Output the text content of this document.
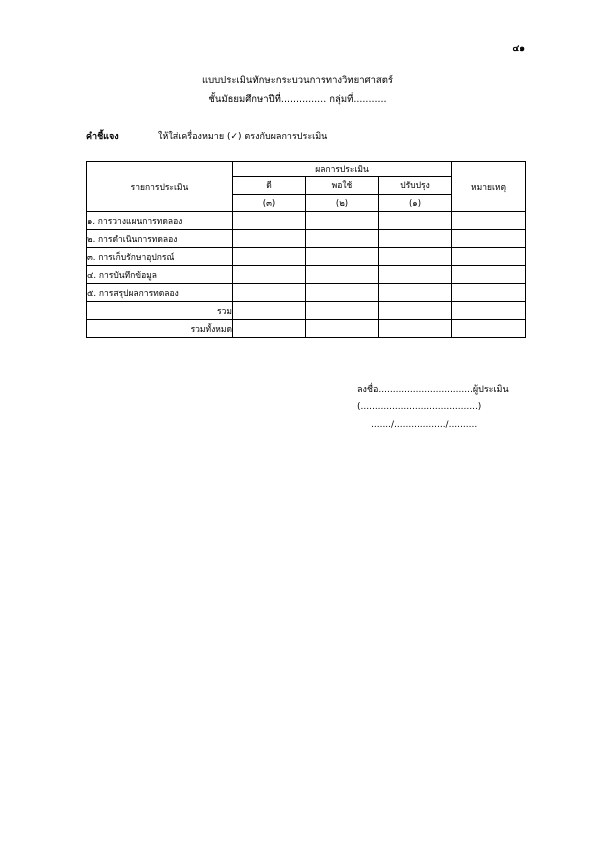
๔๑
แบบประเมินทักษะกระบวนการทางวิทยาศาสตร์
ชั้นมัธยมศึกษาปีที่............... กลุ่มที่...........
คำชี้แจง	ให้ใส่เครื่องหมาย (✓) ตรงกับผลการประเมิน
รายการประเมิน	ผลการประเมิน			หมายเหตุ
	ดี	พอใช้	ปรับปรุง	
	(๓)	(๒)	(๑)	
๑. การวางแผนการทดลอง				
๒. การดำเนินการทดลอง				
๓. การเก็บรักษาอุปกรณ์				
๔. การบันทึกข้อมูล				
๕. การสรุปผลการทดลอง				
รวม				
รวมทั้งหมด				
ลงชื่อ.................................ผู้ประเมิน
(.........................................)
......./................../..........
